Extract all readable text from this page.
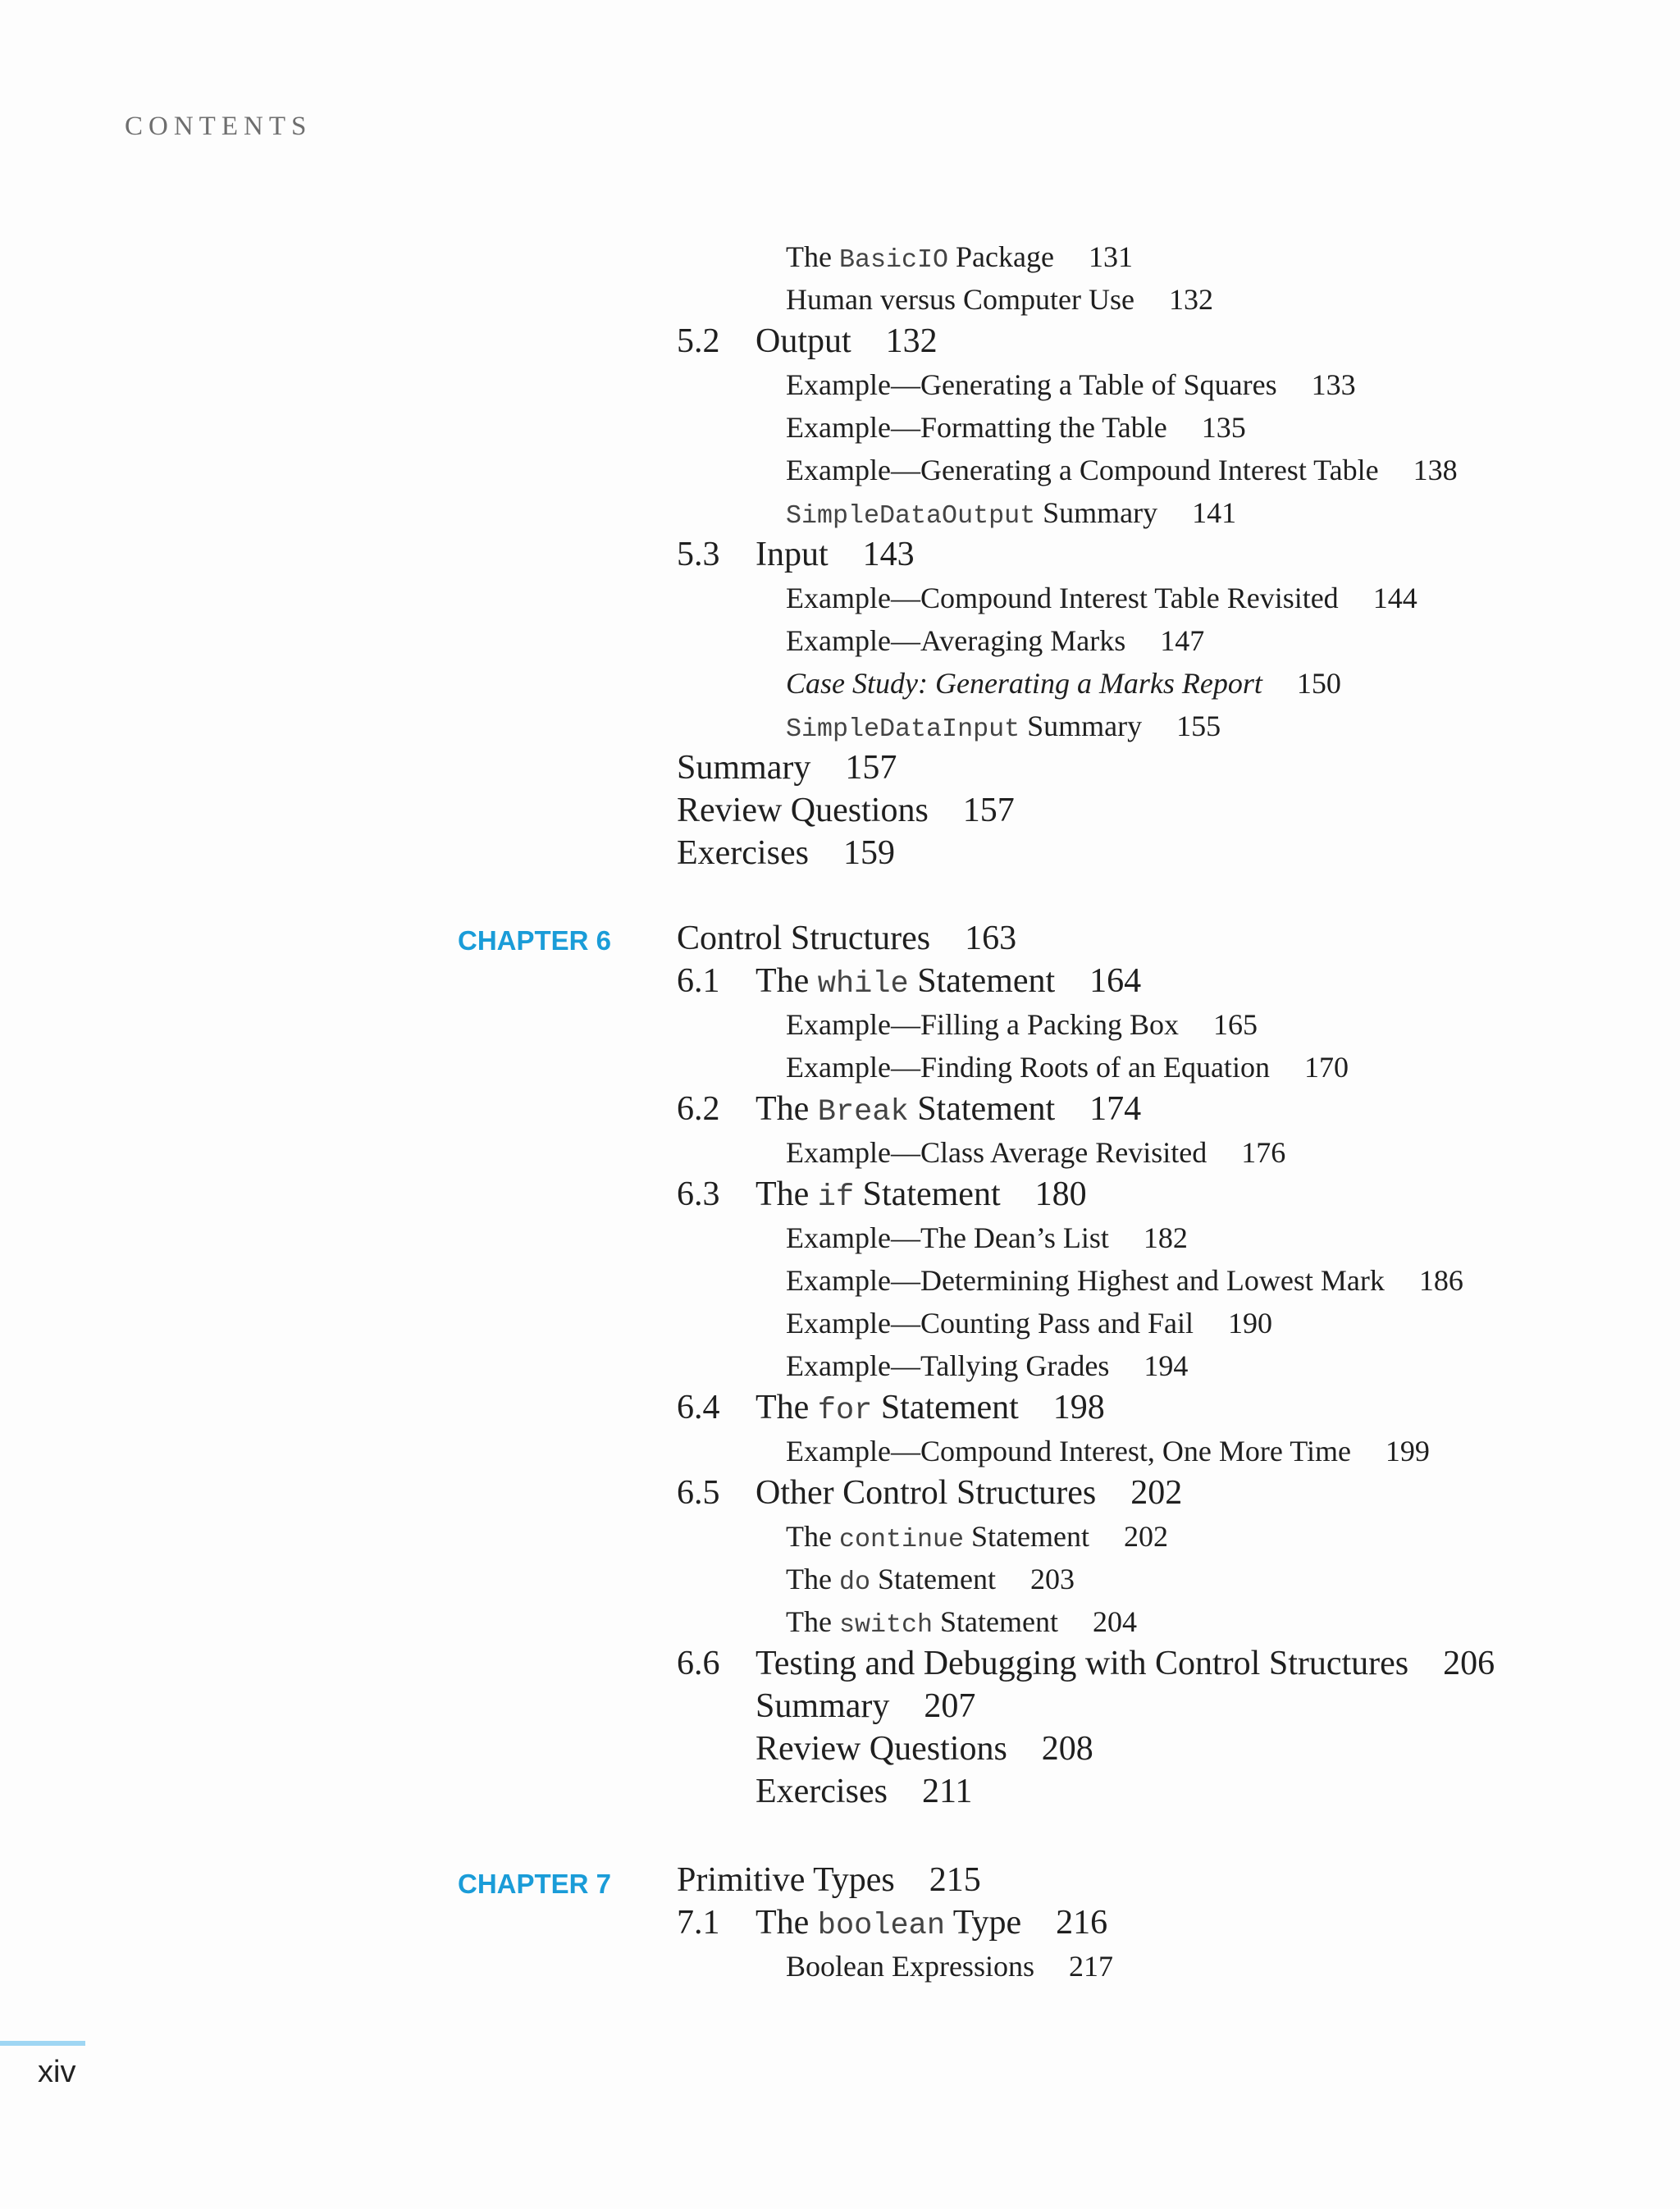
CONTENTS
CHAPTER 6
CHAPTER 7
The BasicIO Package 131
Human versus Computer Use 132
5.2 Output 132
Example—Generating a Table of Squares 133
Example—Formatting the Table 135
Example—Generating a Compound Interest Table 138
SimpleDataOutput Summary 141
5.3 Input 143
Example—Compound Interest Table Revisited 144
Example—Averaging Marks 147
Case Study: Generating a Marks Report 150
SimpleDataInput Summary 155
Summary 157
Review Questions 157
Exercises 159
Control Structures 163
6.1 The while Statement 164
Example—Filling a Packing Box 165
Example—Finding Roots of an Equation 170
6.2 The Break Statement 174
Example—Class Average Revisited 176
6.3 The if Statement 180
Example—The Dean’s List 182
Example—Determining Highest and Lowest Mark 186
Example—Counting Pass and Fail 190
Example—Tallying Grades 194
6.4 The for Statement 198
Example—Compound Interest, One More Time 199
6.5 Other Control Structures 202
The continue Statement 202
The do Statement 203
The switch Statement 204
6.6 Testing and Debugging with Control Structures 206
Summary 207
Review Questions 208
Exercises 211
Primitive Types 215
7.1 The boolean Type 216
Boolean Expressions 217
xiv
